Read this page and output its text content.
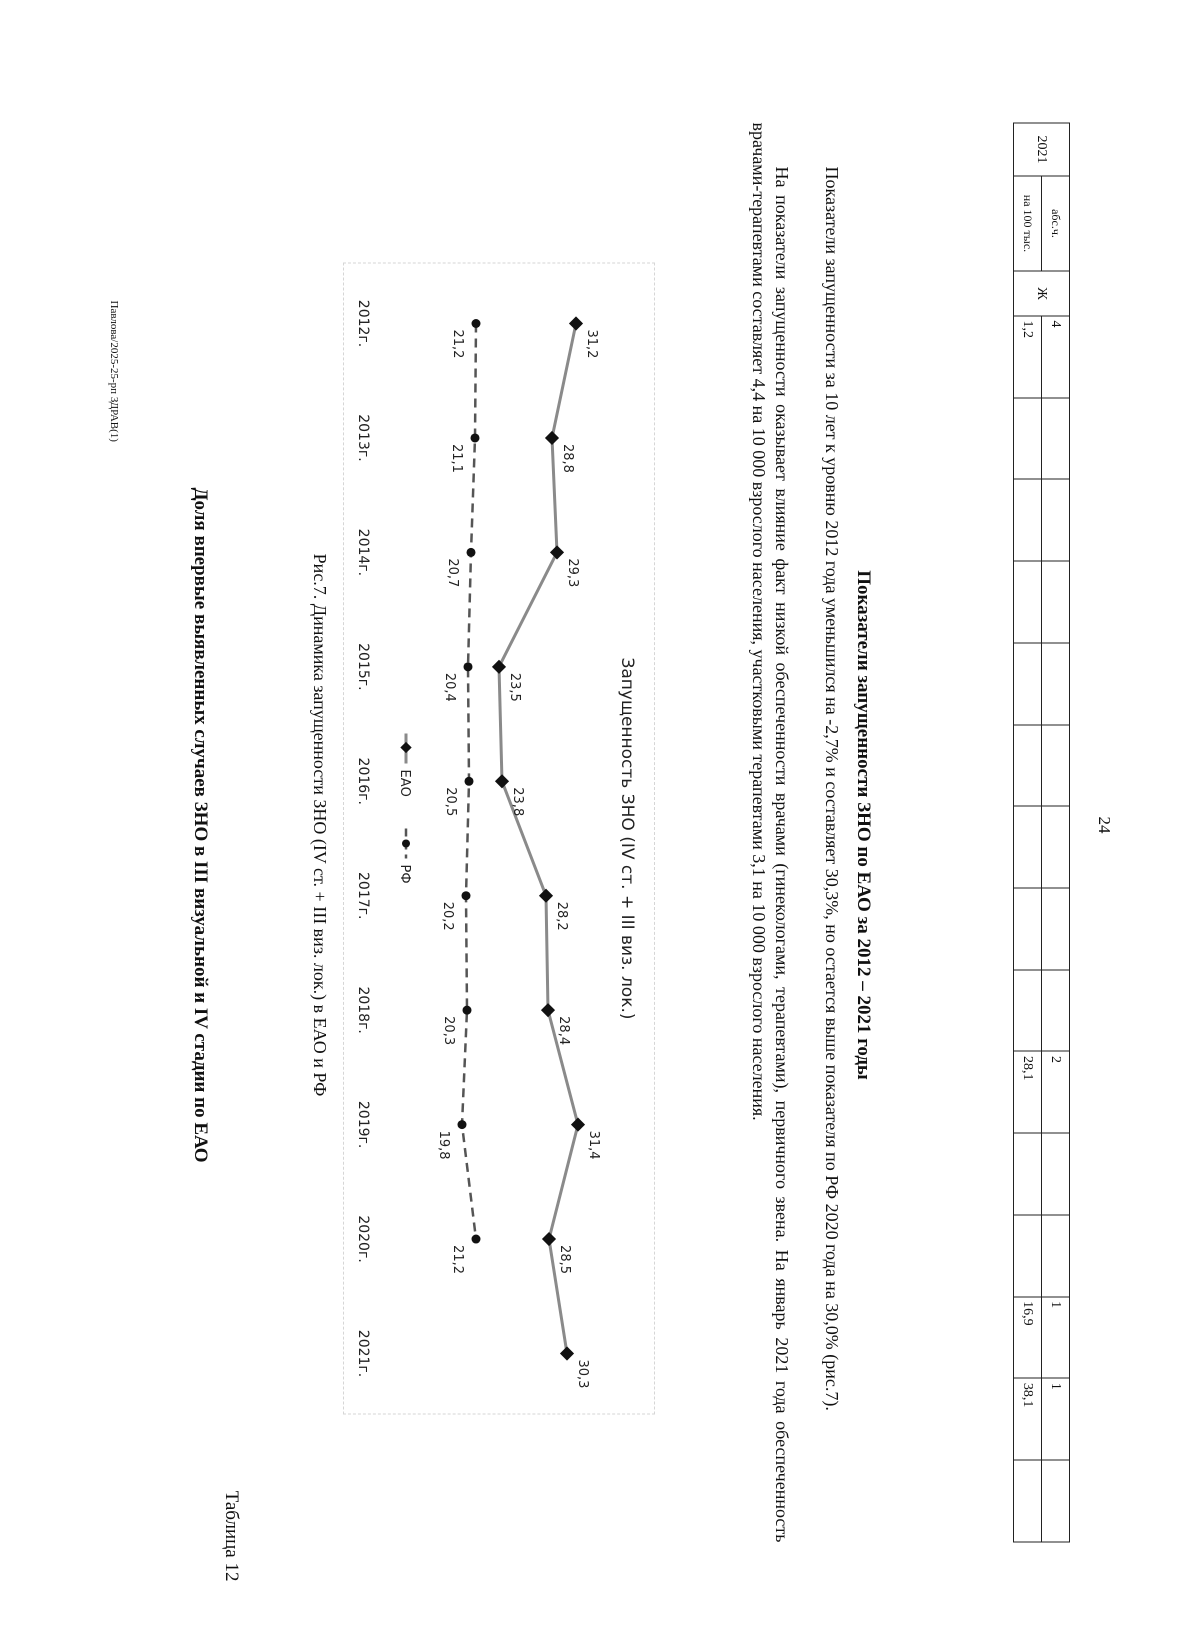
24
2021	абс.ч.	Ж	4									2			1	1	
	на 100 тыс.		1,2									28,1			16,9	38,1	
Показатели запущенности ЗНО по ЕАО за 2012 – 2021 годы
Показатели запущенности за 10 лет к уровню 2012 года уменьшился на -2,7% и составляет 30,3%, но остается выше показателя по РФ 2020 года на 30,0% (рис.7).
На показатели запущенности оказывает влияние факт низкой обеспеченности врачами (гинекологами, терапевтами), первичного звена. На январь 2021 года обеспеченность врачами-терапевтами составляет 4,4 на 10 000 взрослого населения, участковыми терапевтами 3,1 на 10 000 взрослого населения.
Запущенность ЗНО (IV ст. + III виз. лок.)
31,2
28,8
29,3
23,5
23,8
28,2
28,4
31,4
28,5
30,3
21,2
21,1
20,7
20,4
20,5
20,2
20,3
19,8
21,2
2012г.
2013г.
2014г.
2015г.
2016г.
2017г.
2018г.
2019г.
2020г.
2021г.
ЕАО
РФ
Рис.7. Динамика запущенности ЗНО (IV ст. + III виз. лок.) в ЕАО и РФ
Таблица 12
Доля впервые выявленных случаев ЗНО в III визуальной и IV стадии по ЕАО
Павлова/2025-25-рп ЗДРАВ(1)
